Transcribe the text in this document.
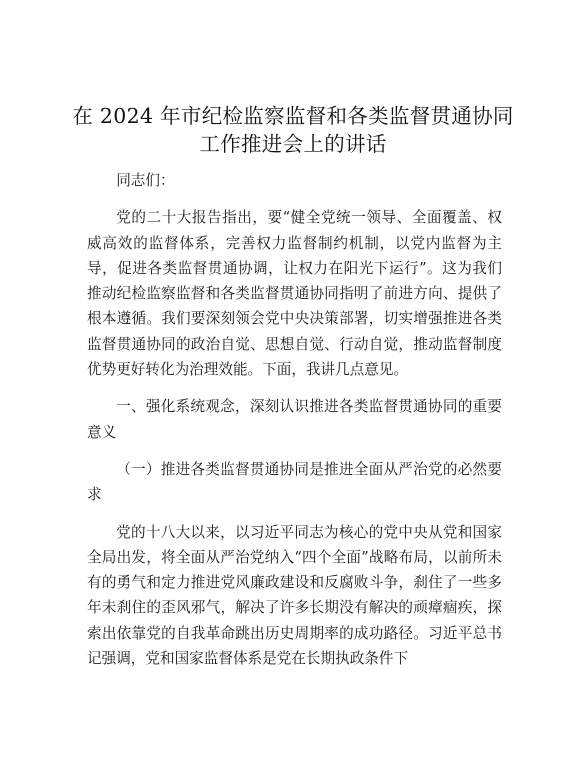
在 2024 年市纪检监察监督和各类监督贯通协同
工作推进会上的讲话

同志们：

党的二十大报告指出，要“健全党统一领导、全面覆盖、权威高效的监督体系，完善权力监督制约机制，以党内监督为主导，促进各类监督贯通协调，让权力在阳光下运行”。这为我们推动纪检监察监督和各类监督贯通协同指明了前进方向、提供了根本遵循。我们要深刻领会党中央决策部署，切实增强推进各类监督贯通协同的政治自觉、思想自觉、行动自觉，推动监督制度优势更好转化为治理效能。下面，我讲几点意见。

一、强化系统观念，深刻认识推进各类监督贯通协同的重要意义

（一）推进各类监督贯通协同是推进全面从严治党的必然要求

党的十八大以来，以习近平同志为核心的党中央从党和国家全局出发，将全面从严治党纳入“四个全面”战略布局，以前所未有的勇气和定力推进党风廉政建设和反腐败斗争，刹住了一些多年未刹住的歪风邪气，解决了许多长期没有解决的顽瘴痼疾，探索出依靠党的自我革命跳出历史周期率的成功路径。习近平总书记强调，党和国家监督体系是党在长期执政条件下
